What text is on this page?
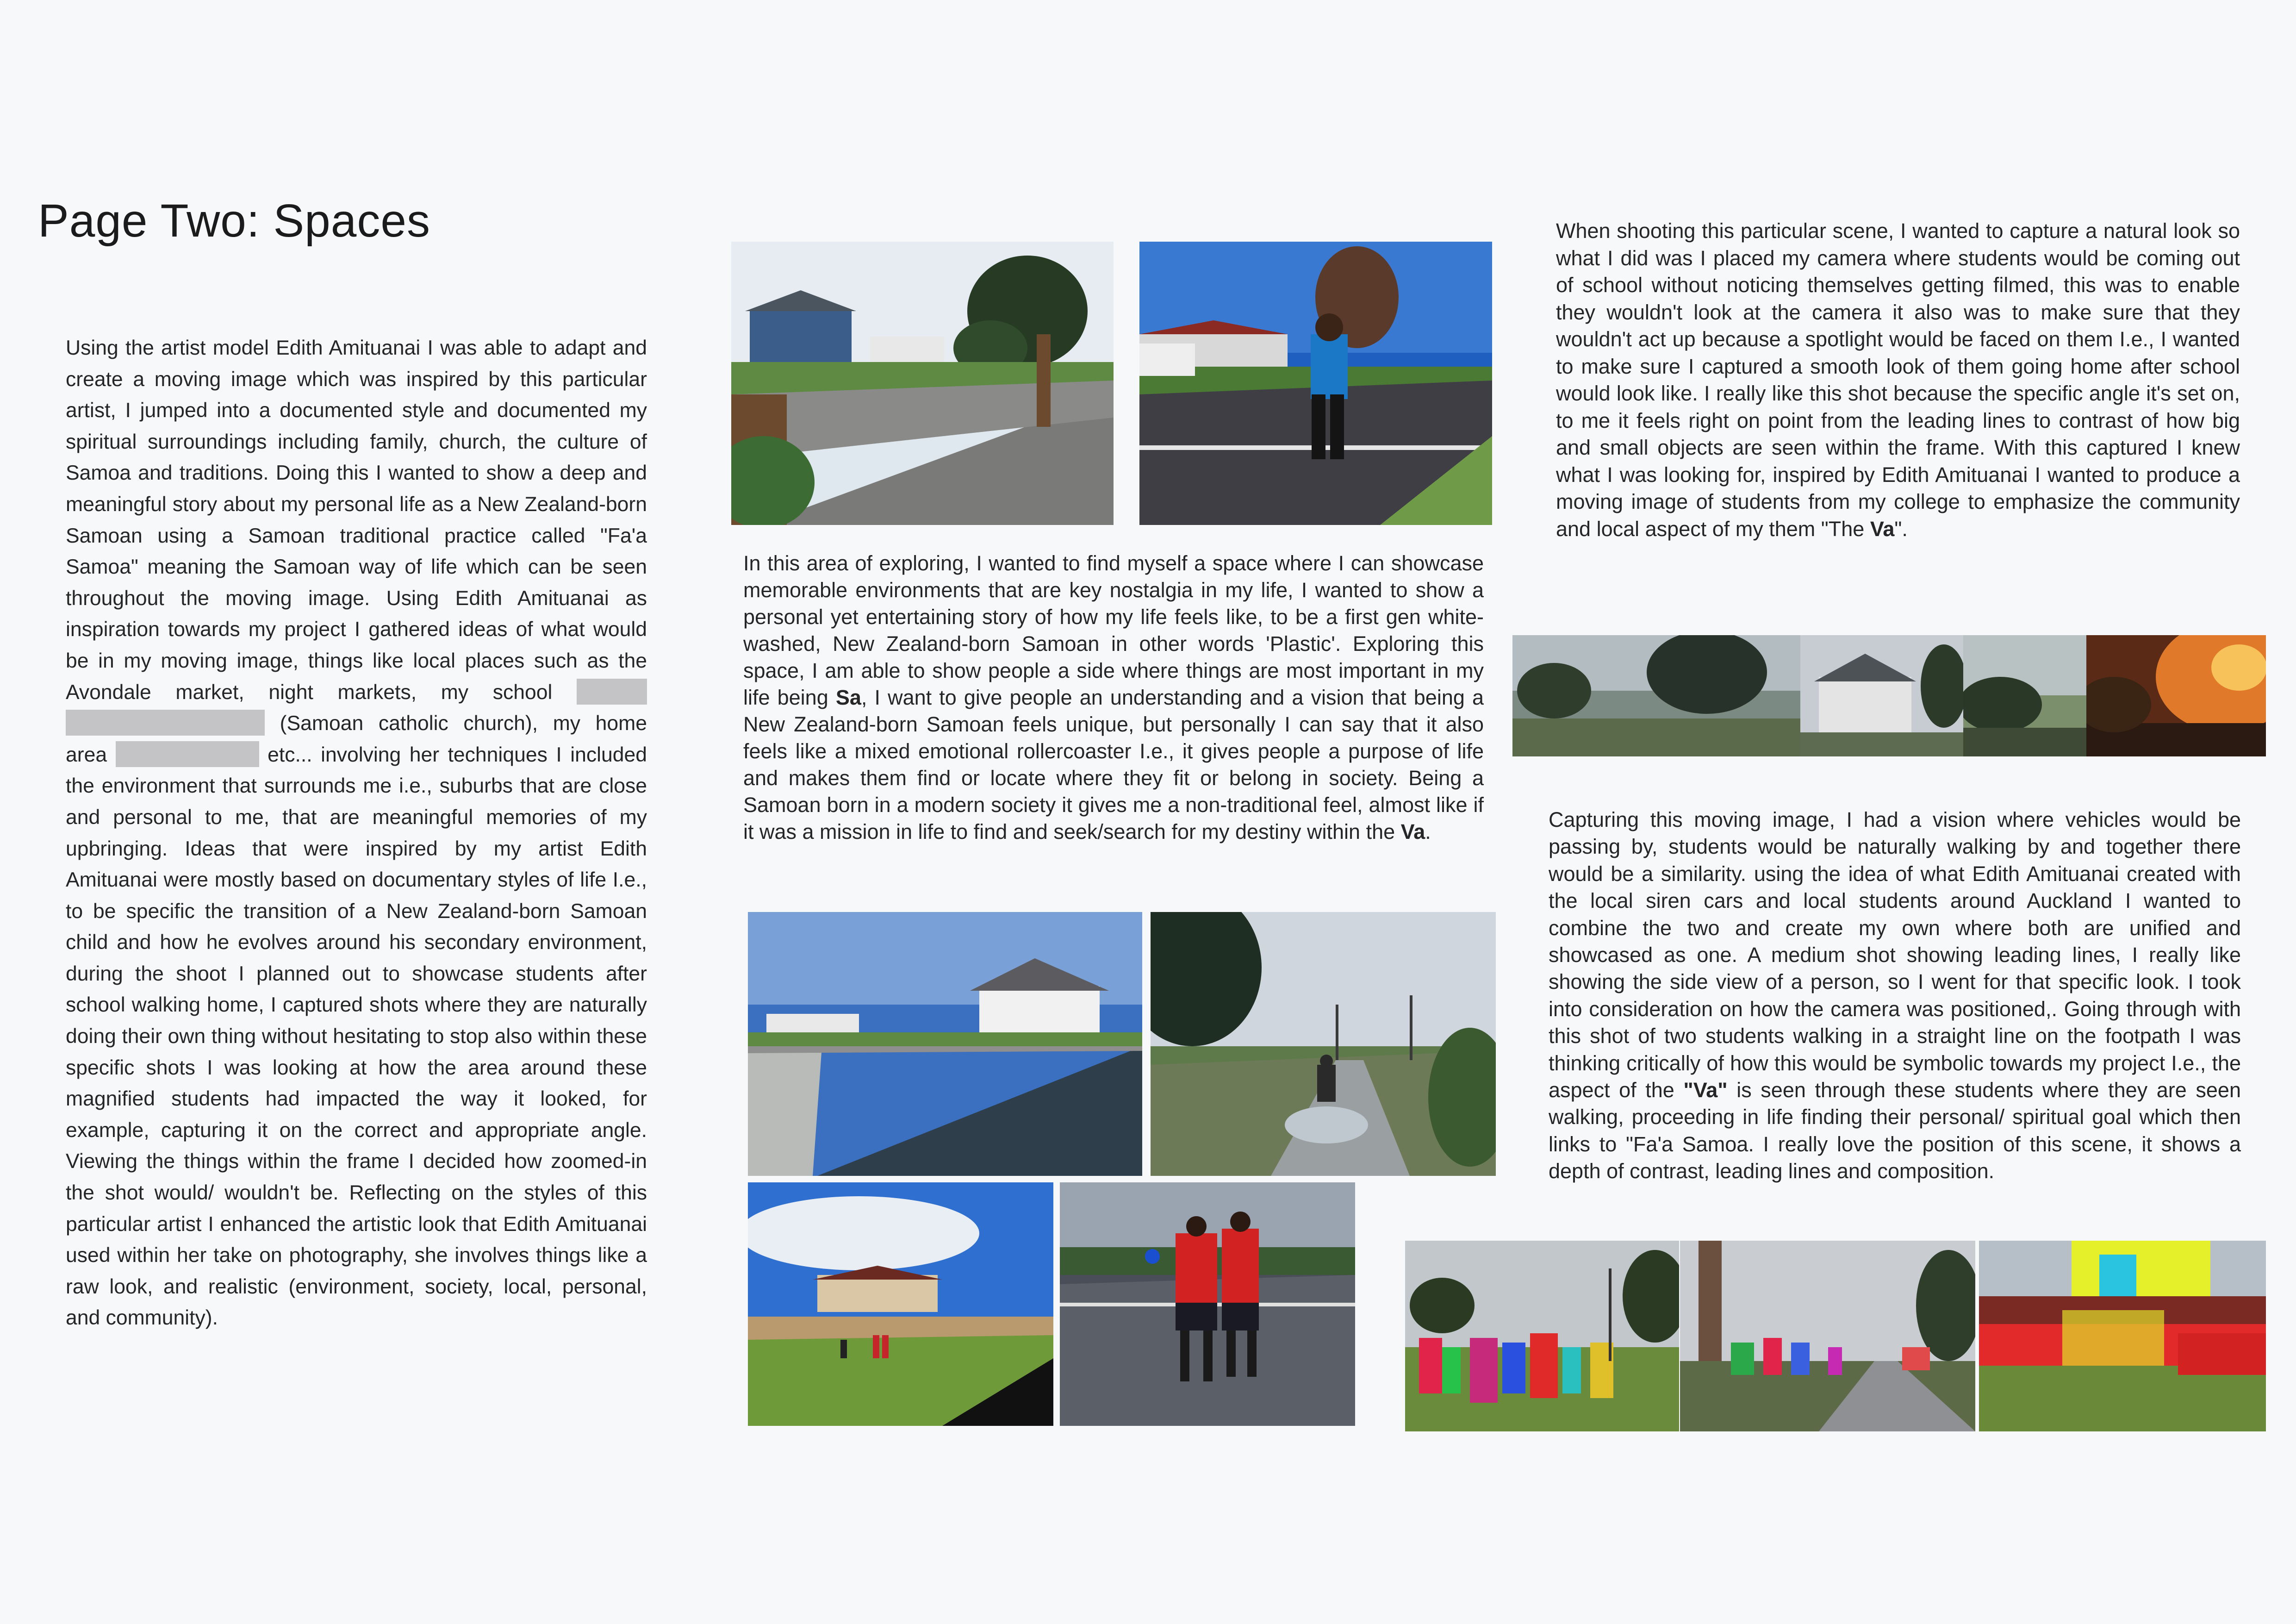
Page Two: Spaces
Using the artist model Edith Amituanai I was able to adapt and create a moving image which was inspired by this particular artist, I jumped into a documented style and documented my spiritual surroundings including family, church, the culture of Samoa and traditions. Doing this I wanted to show a deep and meaningful story about my personal life as a New Zealand-born Samoan using a Samoan traditional practice called "Fa'a Samoa" meaning the Samoan way of life which can be seen throughout the moving image. Using Edith Amituanai as inspiration towards my project I gathered ideas of what would be in my moving image, things like local places such as the Avondale market, night markets, my school   (Samoan catholic church), my home area	etc... involving her techniques I included the environment that surrounds me i.e., suburbs that are close and personal to me, that are meaningful memories of my upbringing. Ideas that were inspired by my artist Edith Amituanai were mostly based on documentary styles of life I.e., to be specific the transition of a New Zealand-born Samoan child and how he evolves around his secondary environment, during the shoot I planned out to showcase students after school walking home, I captured shots where they are naturally doing their own thing without hesitating to stop also within these specific shots I was looking at how the area around these magnified students had impacted the way it looked, for example, capturing it on the correct and appropriate angle. Viewing the things within the frame I decided how zoomed-in the shot would/ wouldn't be. Reflecting on the styles of this particular artist I enhanced the artistic look that Edith Amituanai used within her take on photography, she involves things like a raw look, and realistic (environment, society, local, personal, and community).
In this area of exploring, I wanted to find myself a space where I can showcase memorable environments that are key nostalgia in my life, I wanted to show a personal yet entertaining story of how my life feels like, to be a first gen white-washed, New Zealand-born Samoan in other words 'Plastic'. Exploring this space, I am able to show people a side where things are most important in my life being Sa, I want to give people an understanding and a vision that being a New Zealand-born Samoan feels unique, but personally I can say that it also feels like a mixed emotional rollercoaster I.e., it gives people a purpose of life and makes them find or locate where they fit or belong in society. Being a Samoan born in a modern society it gives me a non-traditional feel, almost like if it was a mission in life to find and seek/search for my destiny within the Va.
When shooting this particular scene, I wanted to capture a natural look so what I did was I placed my camera where students would be coming out of school without noticing themselves getting filmed, this was to enable they wouldn't look at the camera it also was to make sure that they wouldn't act up because a spotlight would be faced on them I.e., I wanted to make sure I captured a smooth look of them going home after school would look like. I really like this shot because the specific angle it's set on, to me it feels right on point from the leading lines to contrast of how big and small objects are seen within the frame. With this captured I knew what I was looking for, inspired by Edith Amituanai I wanted to produce a moving image of students from my college to emphasize the community and local aspect of my them "The Va".
Capturing this moving image, I had a vision where vehicles would be passing by, students would be naturally walking by and together there would be a similarity. using the idea of what Edith Amituanai created with the local siren cars and local students around Auckland I wanted to combine the two and create my own where both are unified and showcased as one. A medium shot showing leading lines, I really like showing the side view of a person, so I went for that specific look. I took into consideration on how the camera was positioned,. Going through with this shot of two students walking in a straight line on the footpath I was thinking critically of how this would be symbolic towards my project I.e., the aspect of the "Va" is seen through these students where they are seen walking, proceeding in life finding their personal/ spiritual goal which then links to "Fa'a Samoa. I really love the position of this scene, it shows a depth of contrast, leading lines and composition.
